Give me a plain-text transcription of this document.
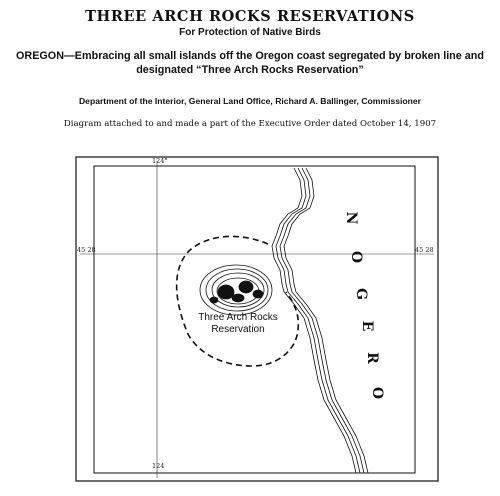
THREE ARCH ROCKS RESERVATIONS
For Protection of Native Birds
OREGON—Embracing all small islands off the Oregon coast segregated by broken line and designated “Three Arch Rocks Reservation”
Department of the Interior, General Land Office, Richard A. Ballinger, Commissioner
Diagram attached to and made a part of the Executive Order dated October 14, 1907
124°
124
45 28	45 28
Three Arch Rocks
Reservation
N
O
G
E
R
O
